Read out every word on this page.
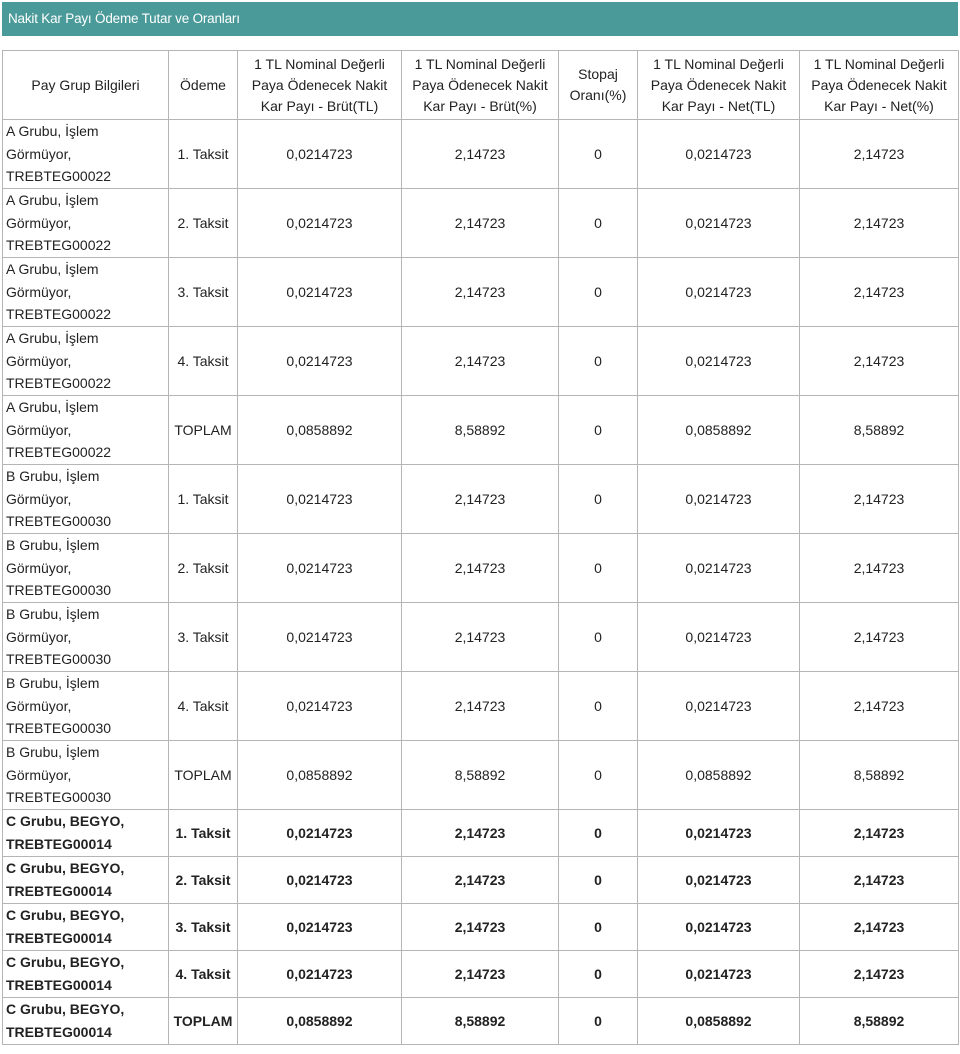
Nakit Kar Payı Ödeme Tutar ve Oranları
Pay Grup Bilgileri	Ödeme	1 TL Nominal Değerli Paya Ödenecek Nakit Kar Payı - Brüt(TL)	1 TL Nominal Değerli Paya Ödenecek Nakit Kar Payı - Brüt(%)	Stopaj Oranı(%)	1 TL Nominal Değerli Paya Ödenecek Nakit Kar Payı - Net(TL)	1 TL Nominal Değerli Paya Ödenecek Nakit Kar Payı - Net(%)
A Grubu, İşlem Görmüyor, TREBTEG00022	1. Taksit	0,0214723	2,14723	0	0,0214723	2,14723
A Grubu, İşlem Görmüyor, TREBTEG00022	2. Taksit	0,0214723	2,14723	0	0,0214723	2,14723
A Grubu, İşlem Görmüyor, TREBTEG00022	3. Taksit	0,0214723	2,14723	0	0,0214723	2,14723
A Grubu, İşlem Görmüyor, TREBTEG00022	4. Taksit	0,0214723	2,14723	0	0,0214723	2,14723
A Grubu, İşlem Görmüyor, TREBTEG00022	TOPLAM	0,0858892	8,58892	0	0,0858892	8,58892
B Grubu, İşlem Görmüyor, TREBTEG00030	1. Taksit	0,0214723	2,14723	0	0,0214723	2,14723
B Grubu, İşlem Görmüyor, TREBTEG00030	2. Taksit	0,0214723	2,14723	0	0,0214723	2,14723
B Grubu, İşlem Görmüyor, TREBTEG00030	3. Taksit	0,0214723	2,14723	0	0,0214723	2,14723
B Grubu, İşlem Görmüyor, TREBTEG00030	4. Taksit	0,0214723	2,14723	0	0,0214723	2,14723
B Grubu, İşlem Görmüyor, TREBTEG00030	TOPLAM	0,0858892	8,58892	0	0,0858892	8,58892
C Grubu, BEGYO, TREBTEG00014	1. Taksit	0,0214723	2,14723	0	0,0214723	2,14723
C Grubu, BEGYO, TREBTEG00014	2. Taksit	0,0214723	2,14723	0	0,0214723	2,14723
C Grubu, BEGYO, TREBTEG00014	3. Taksit	0,0214723	2,14723	0	0,0214723	2,14723
C Grubu, BEGYO, TREBTEG00014	4. Taksit	0,0214723	2,14723	0	0,0214723	2,14723
C Grubu, BEGYO, TREBTEG00014	TOPLAM	0,0858892	8,58892	0	0,0858892	8,58892
